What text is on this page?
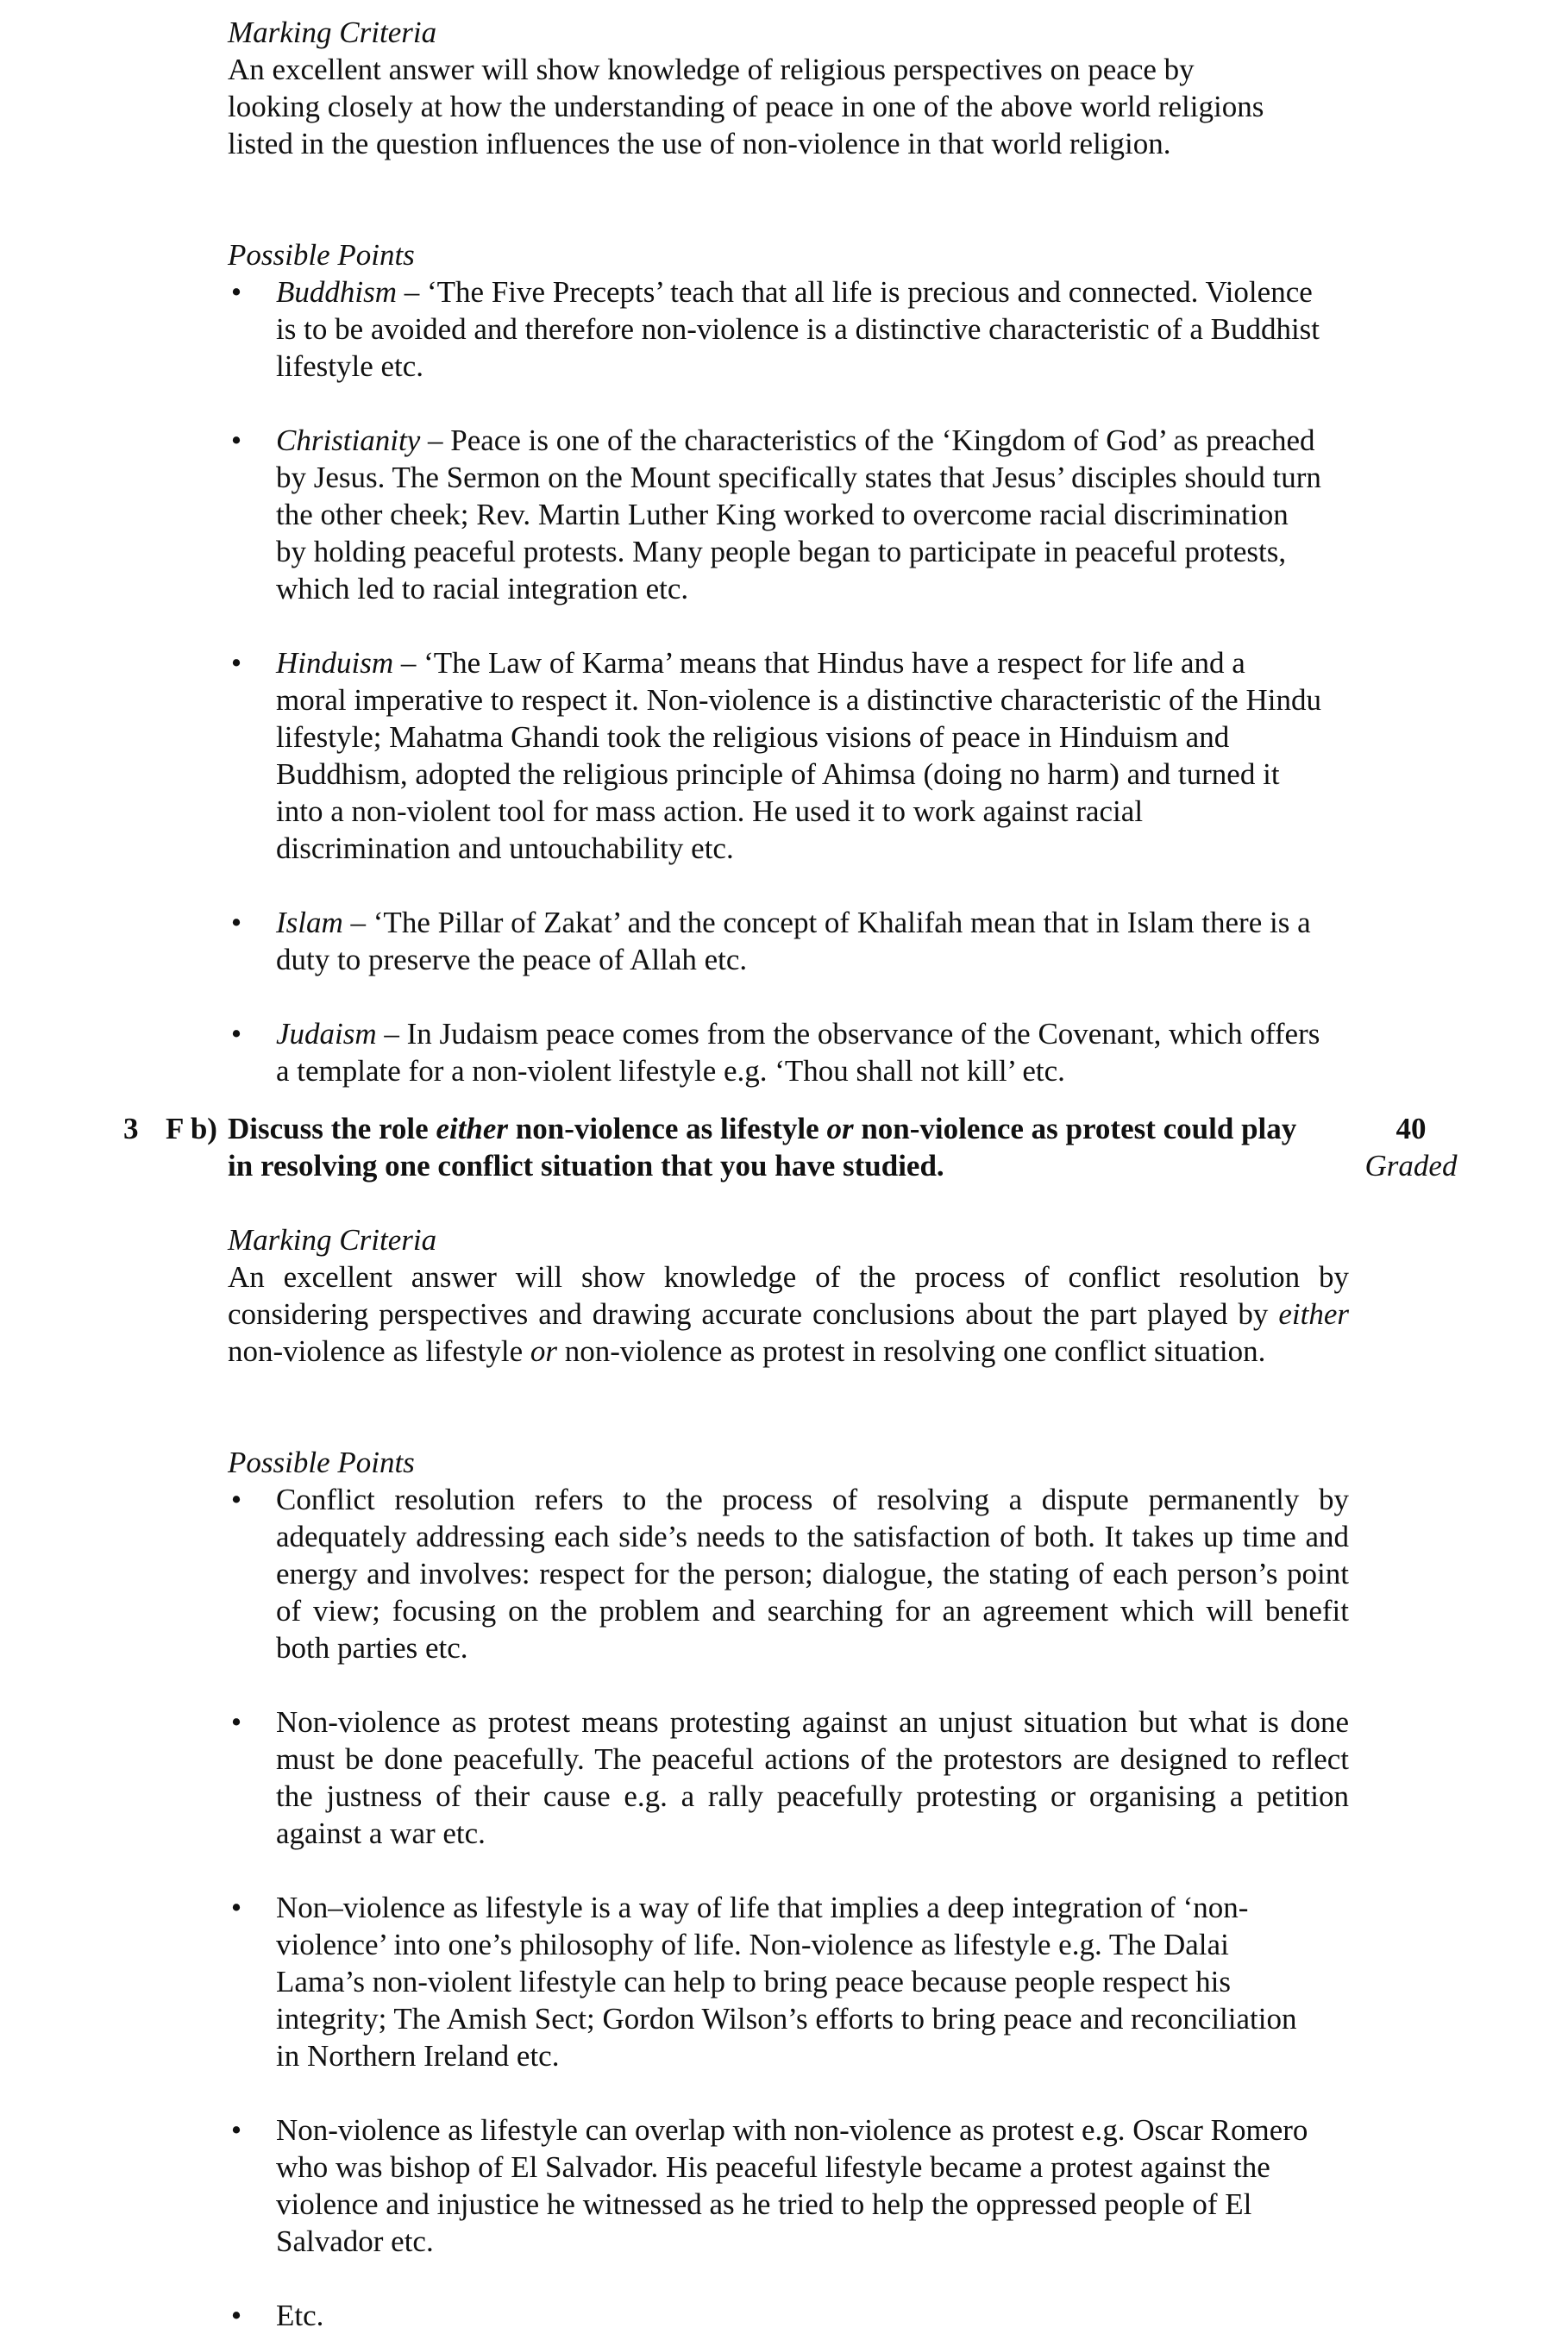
Marking Criteria

An excellent answer will show knowledge of religious perspectives on peace by looking closely at how the understanding of peace in one of the above world religions listed in the question influences the use of non-violence in that world religion.

Possible Points
• Buddhism – ‘The Five Precepts’ teach that all life is precious and connected. Violence is to be avoided and therefore non-violence is a distinctive characteristic of a Buddhist lifestyle etc.
• Christianity – Peace is one of the characteristics of the ‘Kingdom of God’ as preached by Jesus. The Sermon on the Mount specifically states that Jesus’ disciples should turn the other cheek; Rev. Martin Luther King worked to overcome racial discrimination by holding peaceful protests. Many people began to participate in peaceful protests, which led to racial integration etc.
• Hinduism – ‘The Law of Karma’ means that Hindus have a respect for life and a moral imperative to respect it. Non-violence is a distinctive characteristic of the Hindu lifestyle; Mahatma Ghandi took the religious visions of peace in Hinduism and Buddhism, adopted the religious principle of Ahimsa (doing no harm) and turned it into a non-violent tool for mass action. He used it to work against racial discrimination and untouchability etc.
• Islam – ‘The Pillar of Zakat’ and the concept of Khalifah mean that in Islam there is a duty to preserve the peace of Allah etc.
• Judaism – In Judaism peace comes from the observance of the Covenant, which offers a template for a non-violent lifestyle e.g. ‘Thou shall not kill’ etc.
3 F b) Discuss the role either non-violence as lifestyle or non-violence as protest could play in resolving one conflict situation that you have studied.
40
Graded
Marking Criteria

An excellent answer will show knowledge of the process of conflict resolution by considering perspectives and drawing accurate conclusions about the part played by either non-violence as lifestyle or non-violence as protest in resolving one conflict situation.

Possible Points
• Conflict resolution refers to the process of resolving a dispute permanently by adequately addressing each side’s needs to the satisfaction of both. It takes up time and energy and involves: respect for the person; dialogue, the stating of each person’s point of view; focusing on the problem and searching for an agreement which will benefit both parties etc.
• Non-violence as protest means protesting against an unjust situation but what is done must be done peacefully. The peaceful actions of the protestors are designed to reflect the justness of their cause e.g. a rally peacefully protesting or organising a petition against a war etc.
• Non–violence as lifestyle is a way of life that implies a deep integration of ‘non-violence’ into one’s philosophy of life. Non-violence as lifestyle e.g. The Dalai Lama’s non-violent lifestyle can help to bring peace because people respect his integrity; The Amish Sect; Gordon Wilson’s efforts to bring peace and reconciliation in Northern Ireland etc.
• Non-violence as lifestyle can overlap with non-violence as protest e.g. Oscar Romero who was bishop of El Salvador. His peaceful lifestyle became a protest against the violence and injustice he witnessed as he tried to help the oppressed people of El Salvador etc.
• Etc.
